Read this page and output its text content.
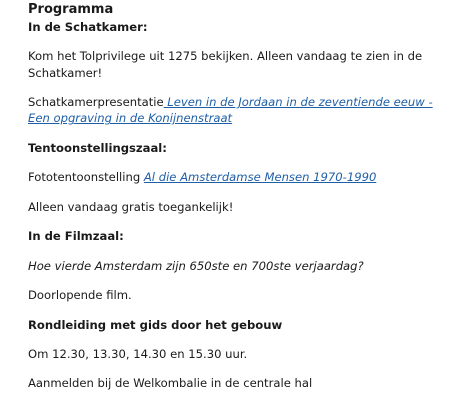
Programma
In de Schatkamer:

Kom het Tolprivilege uit 1275 bekijken. Alleen vandaag te zien in de Schatkamer!

Schatkamerpresentatie Leven in de Jordaan in de zeventiende eeuw - Een opgraving in de Konijnenstraat

Tentoonstellingszaal:

Fototentoonstelling Al die Amsterdamse Mensen 1970-1990

Alleen vandaag gratis toegankelijk!

In de Filmzaal:

Hoe vierde Amsterdam zijn 650ste en 700ste verjaardag?

Doorlopende film.

Rondleiding met gids door het gebouw

Om 12.30, 13.30, 14.30 en 15.30 uur.

Aanmelden bij de Welkombalie in de centrale hal
